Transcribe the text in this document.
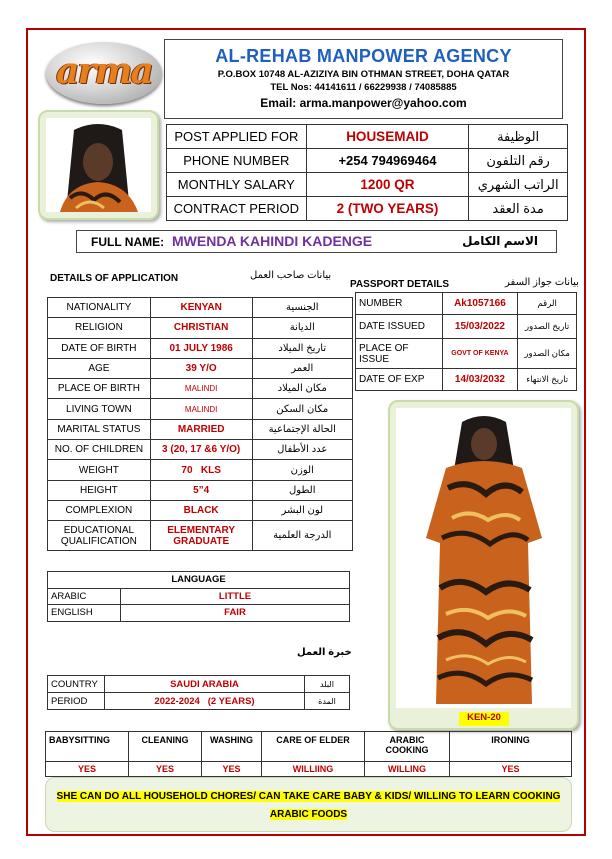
arma	AL-REHAB MANPOWER AGENCY
P.O.BOX 10748 AL-AZIZIYA BIN OTHMAN STREET, DOHA QATAR
TEL Nos: 44141611 / 66229938 / 74085885
Email: arma.manpower@yahoo.com
POST APPLIED FOR	HOUSEMAID	الوظيفة
PHONE NUMBER	+254 794969464	رقم التلفون
MONTHLY SALARY	1200 QR	الراتب الشهري
CONTRACT PERIOD	2 (TWO YEARS)	مدة العقد
FULL NAME: MWENDA KAHINDI KADENGE	الاسم الكامل
DETAILS OF APPLICATION	بيانات صاحب العمل
PASSPORT DETAILS	بيانات جواز السفر
NATIONALITY	KENYAN	الجنسية
RELIGION	CHRISTIAN	الديانة
DATE OF BIRTH	01 JULY 1986	تاريخ الميلاد
AGE	39 Y/O	العمر
PLACE OF BIRTH	MALINDI	مكان الميلاد
LIVING TOWN	MALINDI	مكان السكن
MARITAL STATUS	MARRIED	الحالة الإجتماعية
NO. OF CHILDREN	3 (20, 17 &6 Y/O)	عدد الأطفال
WEIGHT	70   KLS	الوزن
HEIGHT	5”4	الطول
COMPLEXION	BLACK	لون البشر
EDUCATIONAL QUALIFICATION	ELEMENTARY GRADUATE	الدرجة العلمية
NUMBER	Ak1057166	الرقم
DATE ISSUED	15/03/2022	تاريخ الصدور
PLACE OF ISSUE	GOVT OF KENYA	مكان الصدور
DATE OF EXP	14/03/2032	تاريخ الانتهاء
KEN-20
LANGUAGE	
ARABIC	LITTLE
ENGLISH	FAIR
خبرة العمل
COUNTRY	SAUDI ARABIA	البلد
PERIOD	2022-2024   (2 YEARS)	المدة
BABYSITTING	CLEANING	WASHING	CARE OF ELDER	ARABIC COOKING	IRONING
YES	YES	YES	WILLIING	WILLING	YES
SHE CAN DO ALL HOUSEHOLD CHORES/ CAN TAKE CARE BABY & KIDS/ WILLING TO LEARN COOKING ARABIC FOODS
